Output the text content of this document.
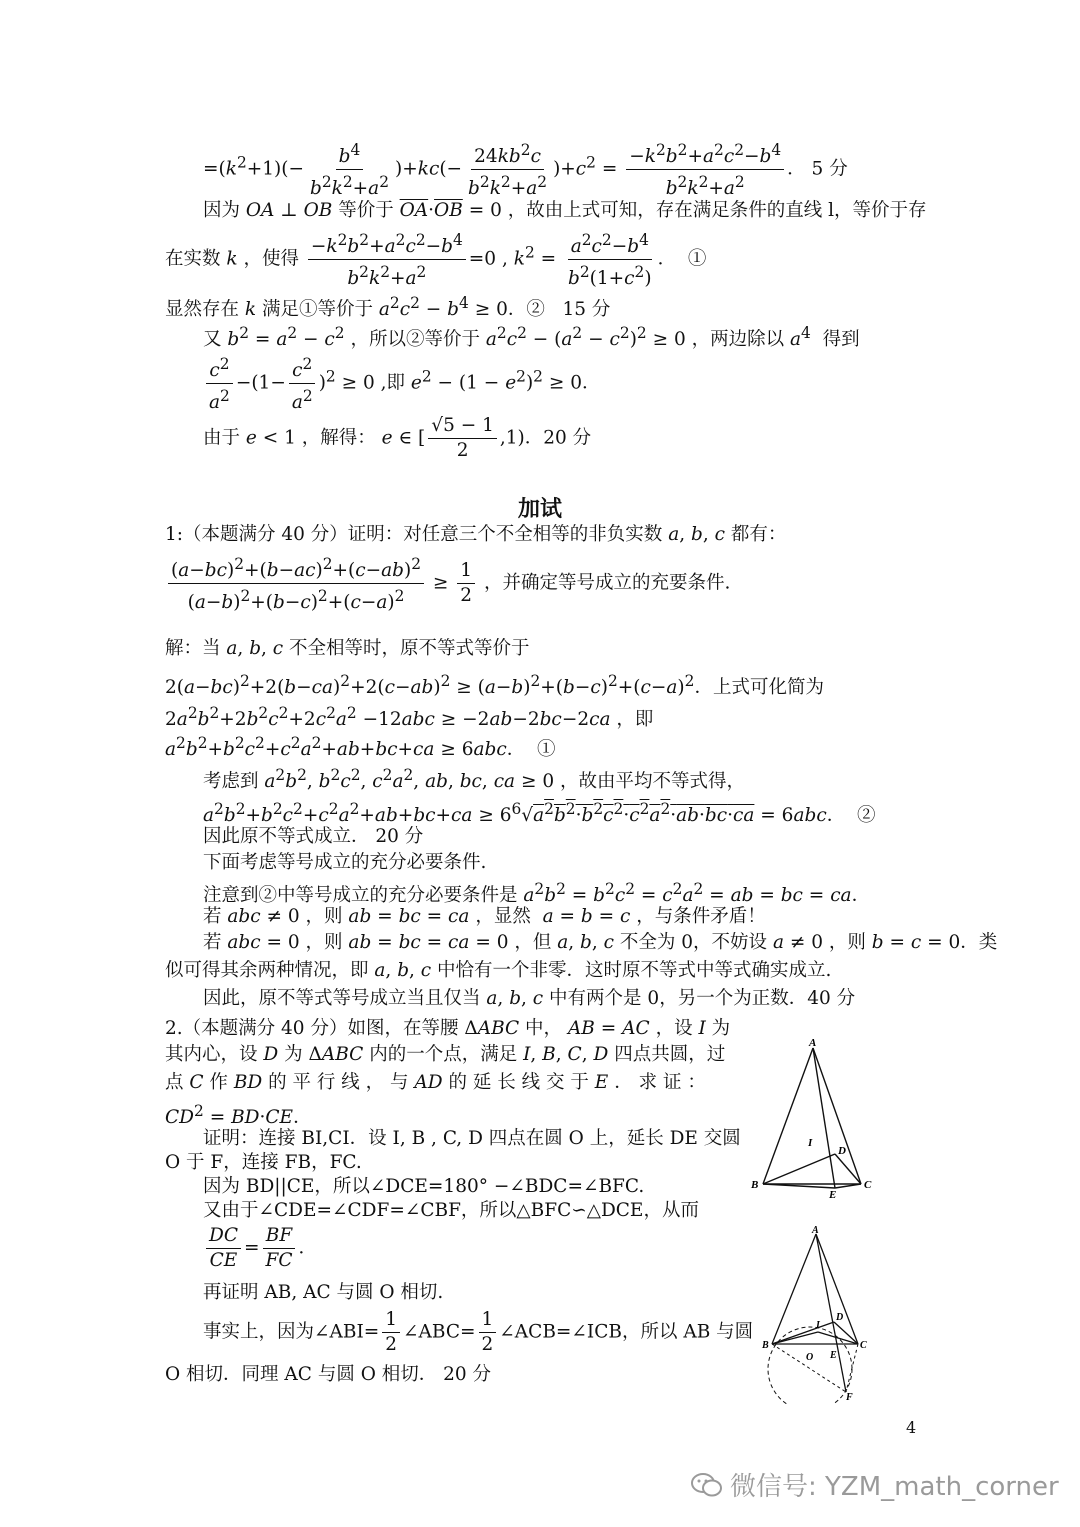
$=(k^2+1)(- \frac{b^4}{b^2k^2+a^2} )+kc(- \frac{24kb^2c}{b^2k^2+a^2} )+c^2 = \frac{-k^2b^2+a^2c^2-b^4}{b^2k^2+a^2}$ ． 5 分
因为 OA ⊥ OB 等价于 $\overline{OA}\cdot\overline{OB} = 0$ ，故由上式可知，存在满足条件的直线 l，等价于存
在实数 k ，使得 $\frac{-k^2b^2+a^2c^2-b^4}{b^2k^2+a^2} =0$ , $k^2 = \frac{a^2c^2-b^4}{b^2(1+c^2)}$ ．  ①
显然存在 k 满足①等价于 $a^2c^2 - b^4 \ge 0$．②   15 分
又 $b^2 = a^2 - c^2$ ，所以②等价于 $a^2c^2 - (a^2 - c^2)^2 \ge 0$ ，两边除以 $a^4$  得到
$\frac{c^2}{a^2} -(1- \frac{c^2}{a^2} )^2 \ge 0$ ,即 $e^2 - (1 - e^2)^2 \ge 0$．
由于 e < 1 ，解得： e ∈ [ $\frac{√5 - 1}{2} ,1$)．20 分
加试
1:（本题满分 40 分）证明：对任意三个不全相等的非负实数 a, b, c 都有：
$\frac{(a-bc)^2+(b-ac)^2+(c-ab)^2}{(a-b)^2+(b-c)^2+(c-a)^2} \ge \frac{1}{2}$ ，并确定等号成立的充要条件.
解：当 a, b, c 不全相等时，原不等式等价于
$2(a-bc)^2+2(b-ca)^2+2(c-ab)^2 \ge (a-b)^2+(b-c)^2+(c-a)^2$．上式可化简为
$2a^2b^2+2b^2c^2+2c^2a^2 -12abc \ge -2ab-2bc-2ca$ ，即
$a^2b^2+b^2c^2+c^2a^2+ab+bc+ca \ge 6abc$．  ①
考虑到 $a^2b^2$, $b^2c^2$, $c^2a^2$, ab, bc, ca ≥ 0 ，故由平均不等式得，
$a^2b^2+b^2c^2+c^2a^2+ab+bc+ca \ge 6^6√a^2b^2\cdot b^2c^2\cdot c^2a^2\cdot ab\cdot bc\cdot ca = 6abc$．  ②
因此原不等式成立． 20 分
下面考虑等号成立的充分必要条件.
注意到②中等号成立的充分必要条件是 $a^2b^2 = b^2c^2 = c^2a^2$ = ab = bc = ca．
若 abc ≠ 0 ，则 ab = bc = ca ，显然  a = b = c ，与条件矛盾！
若 abc = 0 ，则 ab = bc = ca = 0 ，但 a, b, c 不全为 0，不妨设 a ≠ 0 ，则 b = c = 0．类
似可得其余两种情况，即 a, b, c 中恰有一个非零．这时原不等式中等式确实成立.
因此，原不等式等号成立当且仅当 a, b, c 中有两个是 0，另一个为正数．40 分
2.（本题满分 40 分）如图，在等腰 ΔABC 中， AB = AC ，设 I 为
其内心，设 D 为 ΔABC 内的一个点，满足 I, B, C, D 四点共圆，过
点 C 作 BD 的 平 行 线 ， 与 AD 的 延 长 线 交 于 E ． 求 证 ：
$CD^2 = BD\cdot CE$．
证明：连接 BI,CI．设 I, B , C, D 四点在圆 O 上，延长 DE 交圆
O 于 F，连接 FB，FC.
因为 BD||CE，所以∠DCE=180° −∠BDC=∠BFC.
又由于∠CDE=∠CDF=∠CBF，所以△BFC∽△DCE，从而
$\frac{DC}{CE} = \frac{BF}{FC}$ ．
再证明 AB, AC 与圆 O 相切.
事实上，因为∠ABI= $\frac{1}{2}$ ∠ABC= $\frac{1}{2}$ ∠ACB=∠ICB，所以 AB 与圆
O 相切．同理 AC 与圆 O 相切． 20 分
A
B	C
D
E
I
A
B	C
D
E
I
O
F
4
微信号: YZM_math_corner
